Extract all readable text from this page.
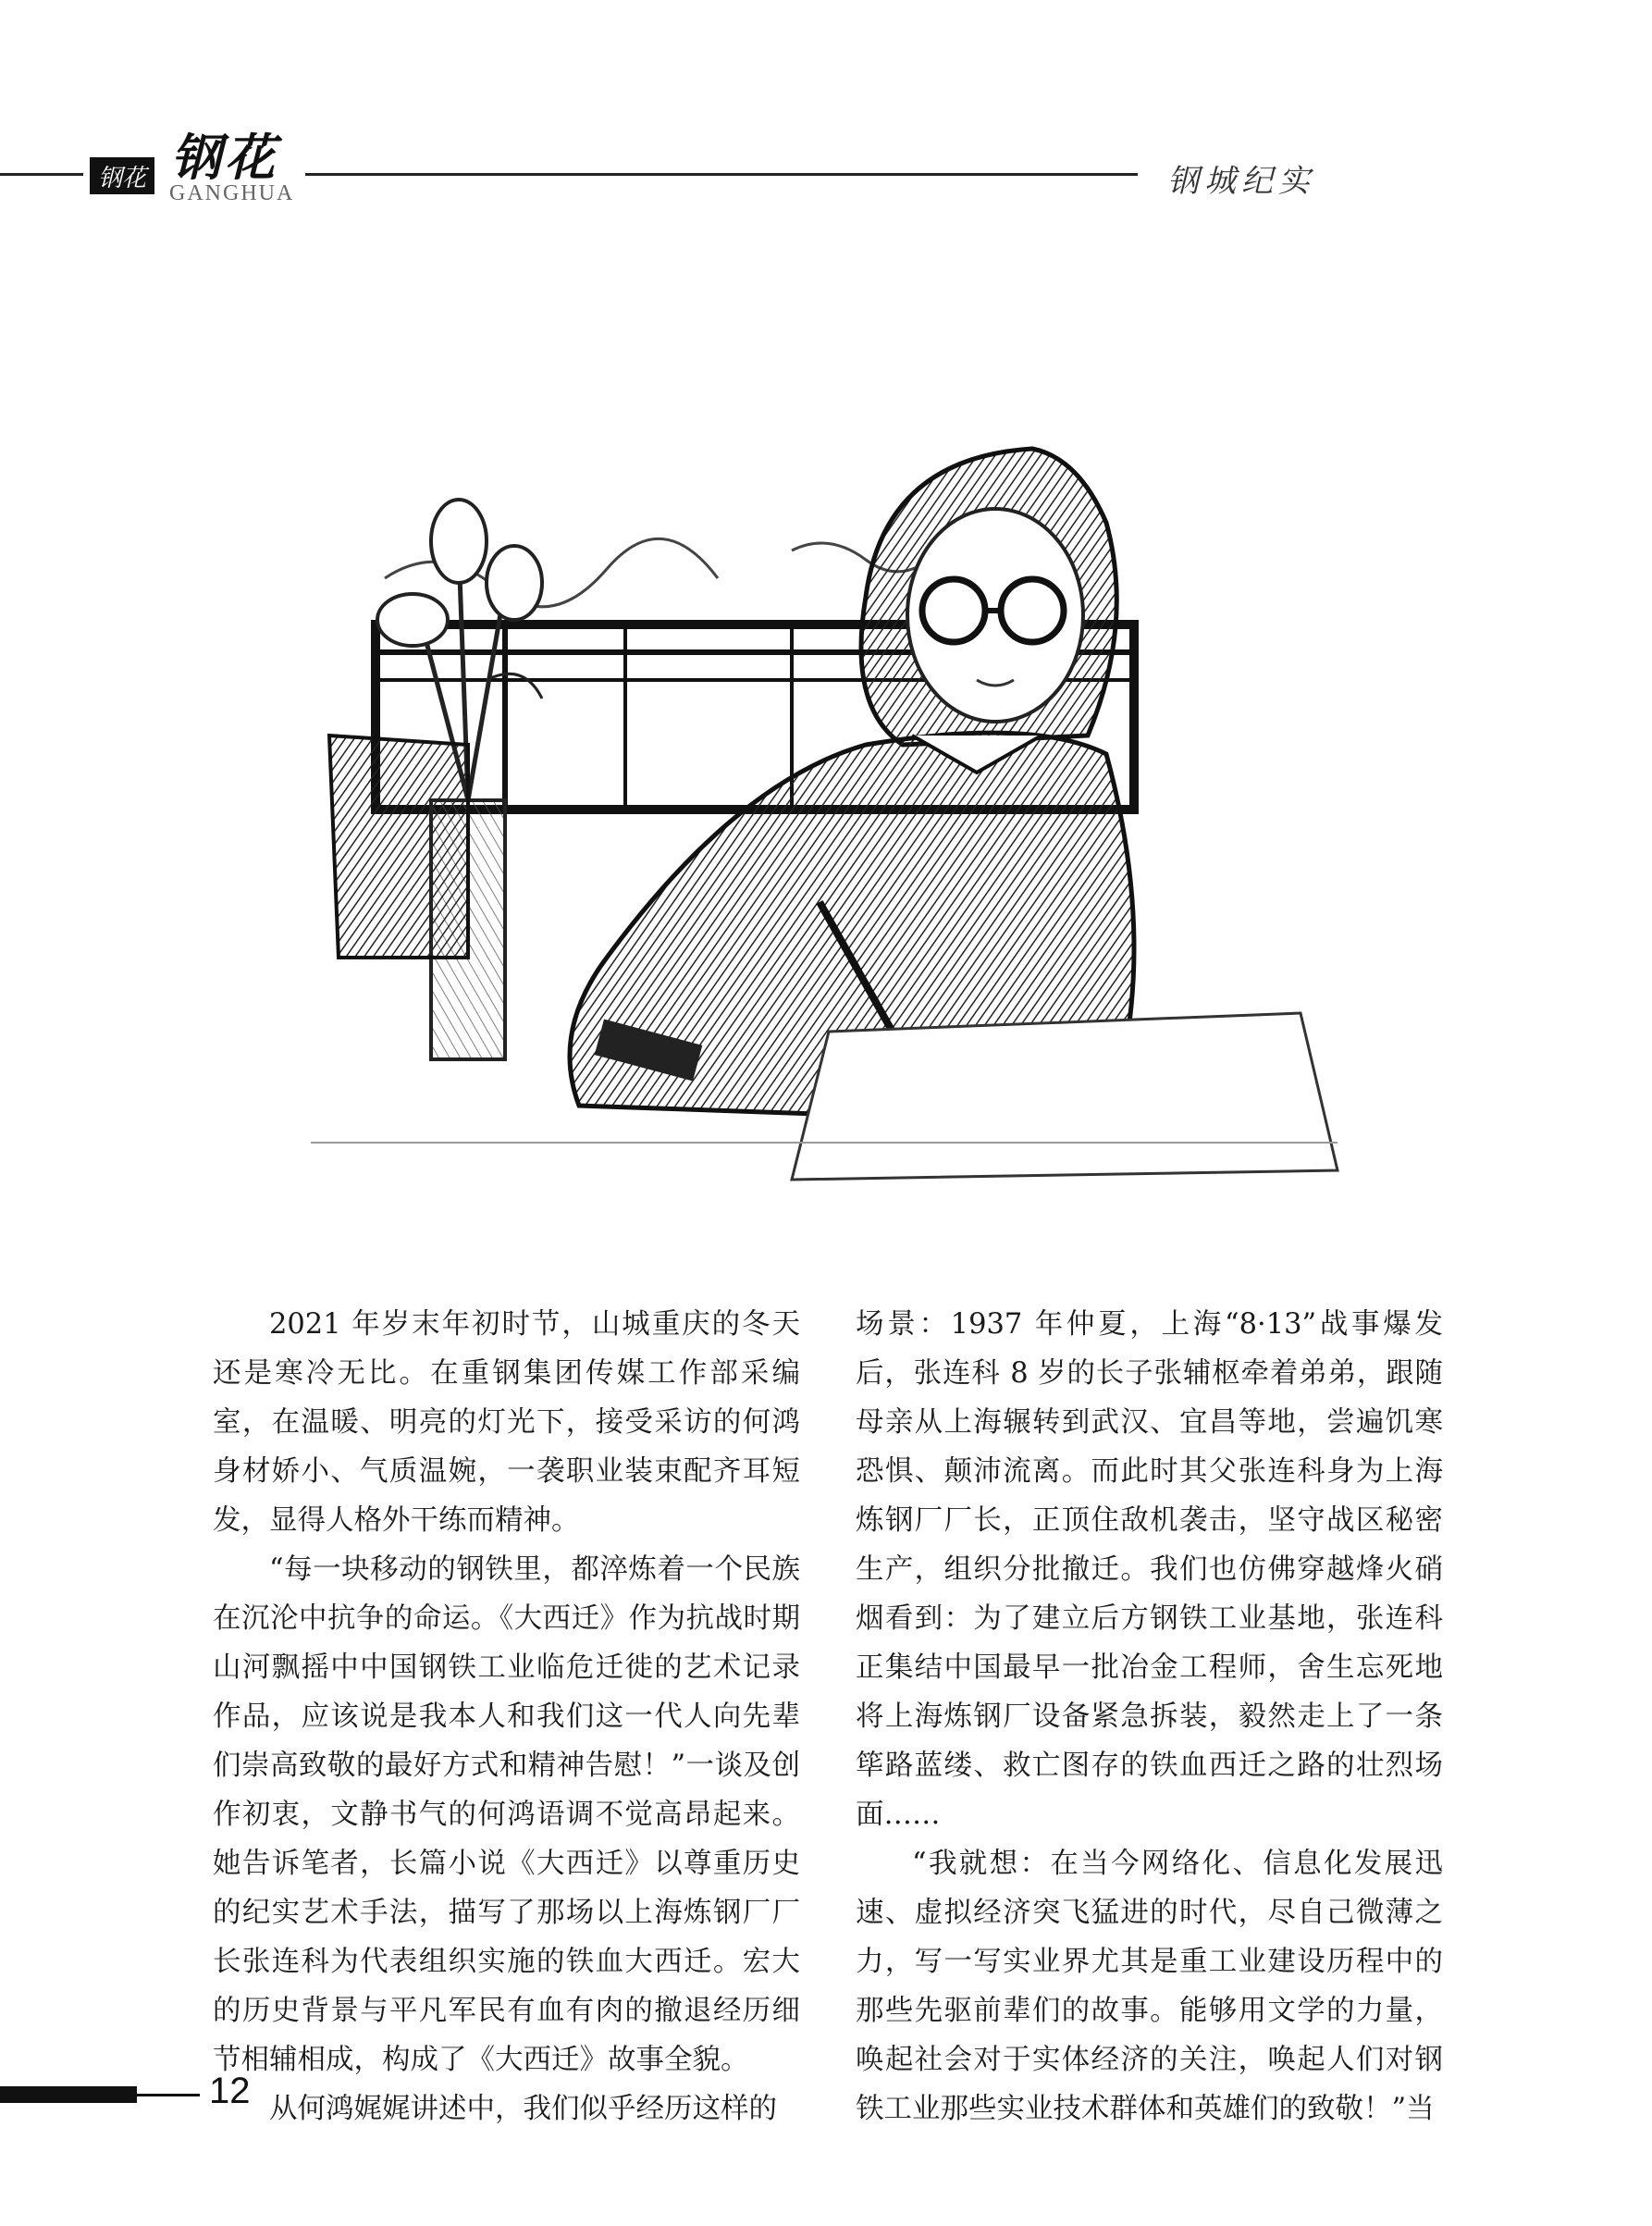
钢花 钢花
GANGHUA	钢城纪实

2021 年岁末年初时节，山城重庆的冬天还是寒冷无比。在重钢集团传媒工作部采编室，在温暖、明亮的灯光下，接受采访的何鸿身材娇小、气质温婉，一袭职业装束配齐耳短发，显得人格外干练而精神。

“每一块移动的钢铁里，都淬炼着一个民族在沉沦中抗争的命运。《大西迁》作为抗战时期山河飘摇中中国钢铁工业临危迁徙的艺术记录作品，应该说是我本人和我们这一代人向先辈们崇高致敬的最好方式和精神告慰！”一谈及创作初衷，文静书气的何鸿语调不觉高昂起来。她告诉笔者，长篇小说《大西迁》以尊重历史的纪实艺术手法，描写了那场以上海炼钢厂厂长张连科为代表组织实施的铁血大西迁。宏大的历史背景与平凡军民有血有肉的撤退经历细节相辅相成，构成了《大西迁》故事全貌。

从何鸿娓娓讲述中，我们似乎经历这样的

场景：1937 年仲夏，上海“8·13”战事爆发后，张连科 8 岁的长子张辅枢牵着弟弟，跟随母亲从上海辗转到武汉、宜昌等地，尝遍饥寒恐惧、颠沛流离。而此时其父张连科身为上海炼钢厂厂长，正顶住敌机袭击，坚守战区秘密生产，组织分批撤迁。我们也仿佛穿越烽火硝烟看到：为了建立后方钢铁工业基地，张连科正集结中国最早一批冶金工程师，舍生忘死地将上海炼钢厂设备紧急拆装，毅然走上了一条筚路蓝缕、救亡图存的铁血西迁之路的壮烈场面……

“我就想：在当今网络化、信息化发展迅速、虚拟经济突飞猛进的时代，尽自己微薄之力，写一写实业界尤其是重工业建设历程中的那些先驱前辈们的故事。能够用文学的力量，唤起社会对于实体经济的关注，唤起人们对钢铁工业那些实业技术群体和英雄们的致敬！”当

12
